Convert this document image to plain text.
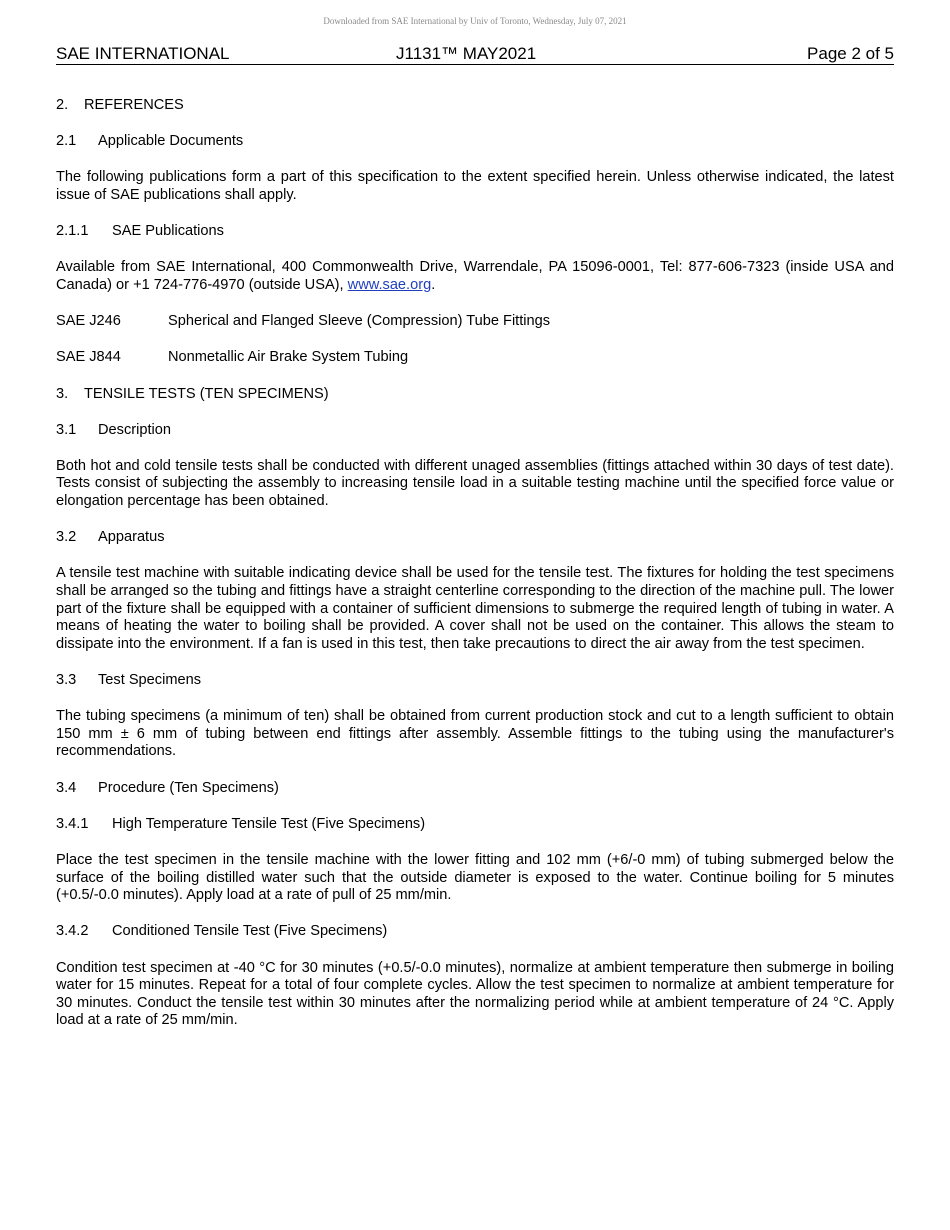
Downloaded from SAE International by Univ of Toronto, Wednesday, July 07, 2021
SAE INTERNATIONAL	J1131™ MAY2021	Page 2 of 5
2.	REFERENCES
2.1	Applicable Documents

The following publications form a part of this specification to the extent specified herein. Unless otherwise indicated, the latest issue of SAE publications shall apply.

2.1.1	SAE Publications

Available from SAE International, 400 Commonwealth Drive, Warrendale, PA 15096-0001, Tel: 877-606-7323 (inside USA and Canada) or +1 724-776-4970 (outside USA), www.sae.org.

SAE J246	Spherical and Flanged Sleeve (Compression) Tube Fittings
SAE J844	Nonmetallic Air Brake System Tubing
3.	TENSILE TESTS (TEN SPECIMENS)
3.1	Description

Both hot and cold tensile tests shall be conducted with different unaged assemblies (fittings attached within 30 days of test date). Tests consist of subjecting the assembly to increasing tensile load in a suitable testing machine until the specified force value or elongation percentage has been obtained.

3.2	Apparatus

A tensile test machine with suitable indicating device shall be used for the tensile test. The fixtures for holding the test specimens shall be arranged so the tubing and fittings have a straight centerline corresponding to the direction of the machine pull. The lower part of the fixture shall be equipped with a container of sufficient dimensions to submerge the required length of tubing in water. A means of heating the water to boiling shall be provided. A cover shall not be used on the container. This allows the steam to dissipate into the environment. If a fan is used in this test, then take precautions to direct the air away from the test specimen.

3.3	Test Specimens

The tubing specimens (a minimum of ten) shall be obtained from current production stock and cut to a length sufficient to obtain 150 mm ± 6 mm of tubing between end fittings after assembly. Assemble fittings to the tubing using the manufacturer's recommendations.

3.4	Procedure (Ten Specimens)
3.4.1	High Temperature Tensile Test (Five Specimens)

Place the test specimen in the tensile machine with the lower fitting and 102 mm (+6/-0 mm) of tubing submerged below the surface of the boiling distilled water such that the outside diameter is exposed to the water. Continue boiling for 5 minutes (+0.5/-0.0 minutes). Apply load at a rate of pull of 25 mm/min.

3.4.2	Conditioned Tensile Test (Five Specimens)

Condition test specimen at -40 °C for 30 minutes (+0.5/-0.0 minutes), normalize at ambient temperature then submerge in boiling water for 15 minutes. Repeat for a total of four complete cycles. Allow the test specimen to normalize at ambient temperature for 30 minutes. Conduct the tensile test within 30 minutes after the normalizing period while at ambient temperature of 24 °C. Apply load at a rate of 25 mm/min.
